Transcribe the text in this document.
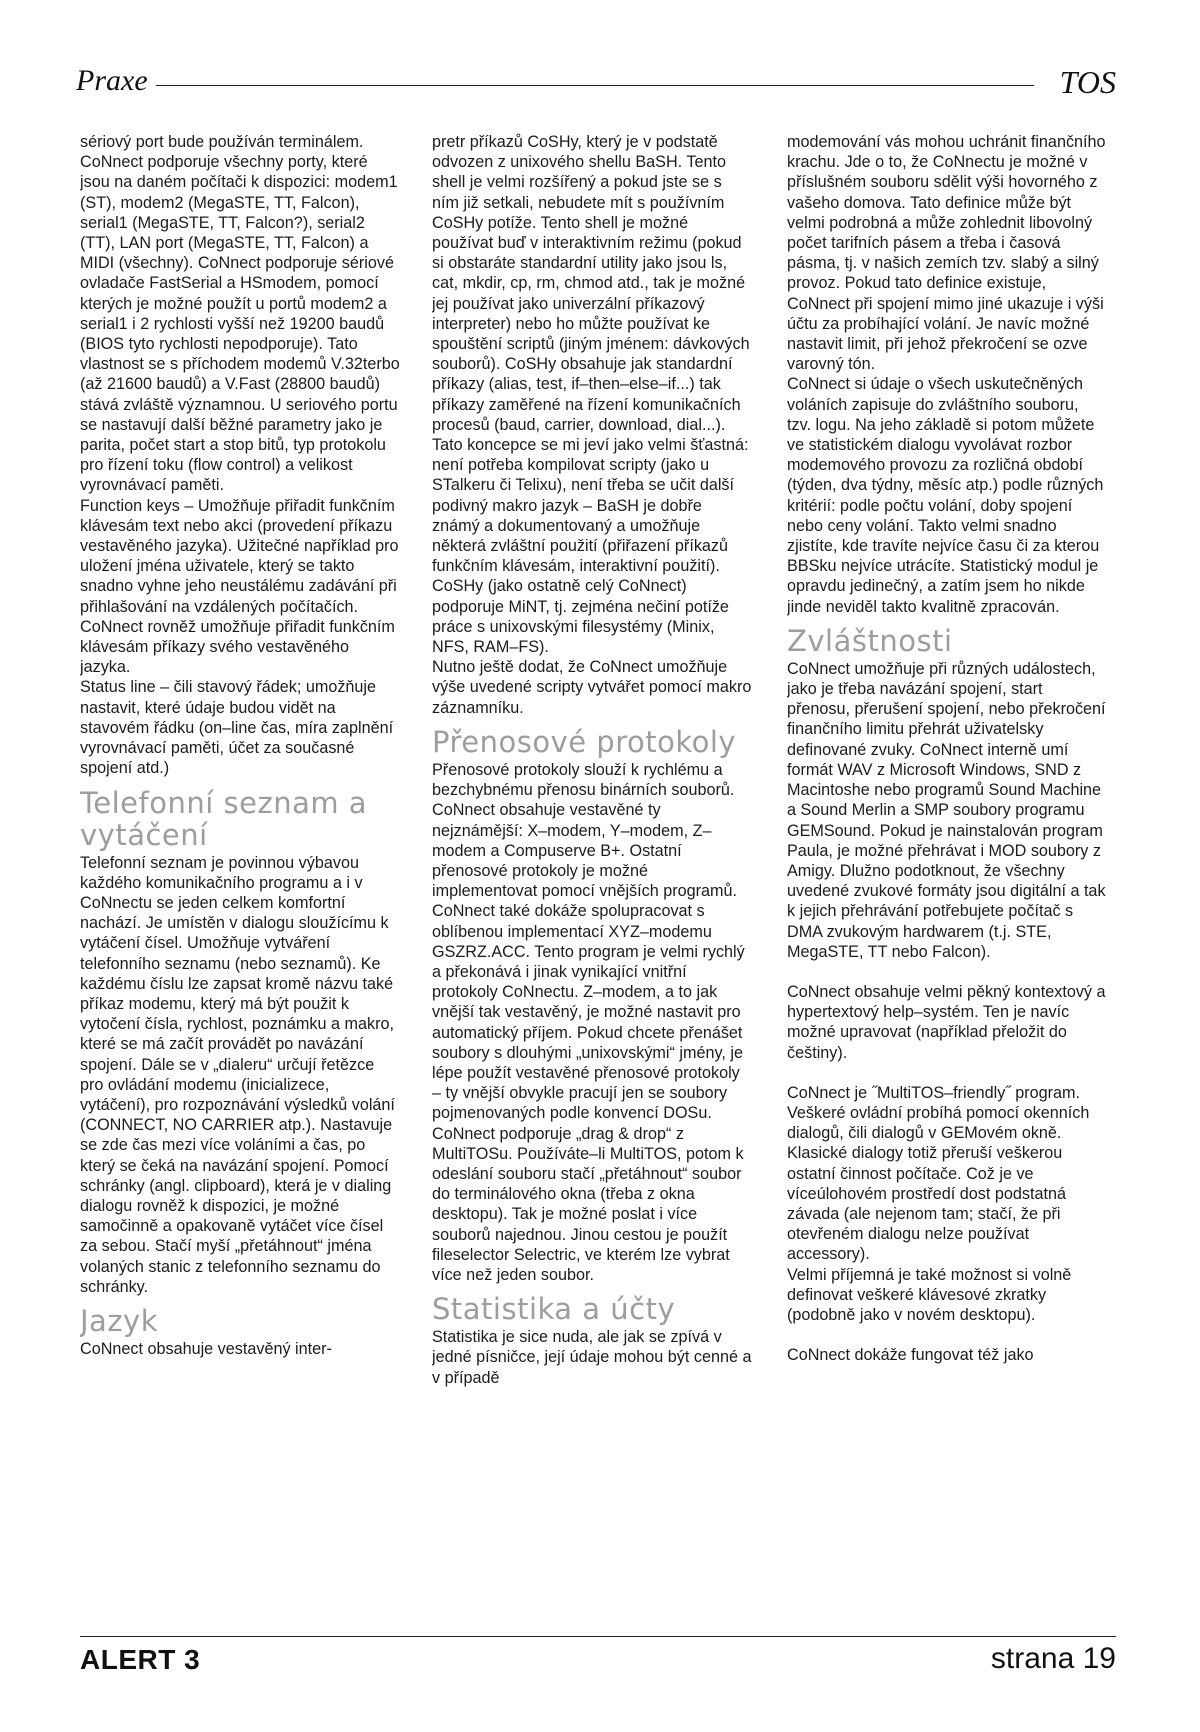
Praxe	TOS

sériový port bude používán terminálem. CoNnect podporuje všechny porty, které jsou na daném počítači k dispozici: modem1 (ST), modem2 (MegaSTE, TT, Falcon), serial1 (MegaSTE, TT, Falcon?), serial2 (TT), LAN port (MegaSTE, TT, Falcon) a MIDI (všechny). CoNnect podporuje sériové ovladače FastSerial a HSmodem, pomocí kterých je možné použít u portů modem2 a serial1 i 2 rychlosti vyšší než 19200 baudů (BIOS tyto rychlosti nepodporuje). Tato vlastnost se s příchodem modemů V.32terbo (až 21600 baudů) a V.Fast (28800 baudů) stává zvláště významnou. U seriového portu se nastavují další běžné parametry jako je parita, počet start a stop bitů, typ protokolu pro řízení toku (flow control) a velikost vyrovnávací paměti.

Function keys – Umožňuje přiřadit funkčním klávesám text nebo akci (provedení příkazu vestavěného jazyka). Užitečné například pro uložení jména uživatele, který se takto snadno vyhne jeho neustálému zadávání při přihlašování na vzdálených počítačích. CoNnect rovněž umožňuje přiřadit funkčním klávesám příkazy svého vestavěného jazyka.

Status line – čili stavový řádek; umožňuje nastavit, které údaje budou vidět na stavovém řádku (on–line čas, míra zaplnění vyrovnávací paměti, účet za současné spojení atd.)

Telefonní seznam a vytáčení

Telefonní seznam je povinnou výbavou každého komunikačního programu a i v CoNnectu se jeden celkem komfortní nachází. Je umístěn v dialogu sloužícímu k vytáčení čísel. Umožňuje vytváření telefonního seznamu (nebo seznamů). Ke každému číslu lze zapsat kromě názvu také příkaz modemu, který má být použit k vytočení čísla, rychlost, poznámku a makro, které se má začít provádět po navázání spojení. Dále se v „dialeru“ určují řetězce pro ovládání modemu (inicializece, vytáčení), pro rozpoznávání výsledků volání (CONNECT, NO CARRIER atp.). Nastavuje se zde čas mezi více voláními a čas, po který se čeká na navázání spojení. Pomocí schránky (angl. clipboard), která je v dialing dialogu rovněž k dispozici, je možné samočinně a opakovaně vytáčet více čísel za sebou. Stačí myší „přetáhnout“ jména volaných stanic z telefonního seznamu do schránky.

Jazyk

CoNnect obsahuje vestavěný inter-

pretr příkazů CoSHy, který je v podstatě odvozen z unixového shellu BaSH. Tento shell je velmi rozšířený a pokud jste se s ním již setkali, nebudete mít s používním CoSHy potíže. Tento shell je možné používat buď v interaktivním režimu (pokud si obstaráte standardní utility jako jsou ls, cat, mkdir, cp, rm, chmod atd., tak je možné jej používat jako univerzální příkazový interpreter) nebo ho můžte používat ke spouštění scriptů (jiným jménem: dávkových souborů). CoSHy obsahuje jak standardní příkazy (alias, test, if–then–else–if...) tak příkazy zaměřené na řízení komunikačních procesů (baud, carrier, download, dial...). Tato koncepce se mi jeví jako velmi šťastná: není potřeba kompilovat scripty (jako u STalkeru či Telixu), není třeba se učit další podivný makro jazyk – BaSH je dobře známý a dokumentovaný a umožňuje některá zvláštní použití (přiřazení příkazů funkčním klávesám, interaktivní použití). CoSHy (jako ostatně celý CoNnect) podporuje MiNT, tj. zejména nečiní potíže práce s unixovskými filesystémy (Minix, NFS, RAM–FS).

Nutno ještě dodat, že CoNnect umožňuje výše uvedené scripty vytvářet pomocí makro záznamníku.

Přenosové protokoly

Přenosové protokoly slouží k rychlému a bezchybnému přenosu binárních souborů. CoNnect obsahuje vestavěné ty nejznámější: X–modem, Y–modem, Z–modem a Compuserve B+. Ostatní přenosové protokoly je možné implementovat pomocí vnějších programů. CoNnect také dokáže spolupracovat s oblíbenou implementací XYZ–modemu GSZRZ.ACC. Tento program je velmi rychlý a překonává i jinak vynikající vnitřní protokoly CoNnectu. Z–modem, a to jak vnější tak vestavěný, je možné nastavit pro automatický příjem. Pokud chcete přenášet soubory s dlouhými „unixovskými“ jmény, je lépe použít vestavěné přenosové protokoly – ty vnější obvykle pracují jen se soubory pojmenovaných podle konvencí DOSu.

CoNnect podporuje „drag & drop“ z MultiTOSu. Používáte–li MultiTOS, potom k odeslání souboru stačí „přetáhnout“ soubor do terminálového okna (třeba z okna desktopu). Tak je možné poslat i více souborů najednou. Jinou cestou je použít fileselector Selectric, ve kterém lze vybrat více než jeden soubor.

Statistika a účty

Statistika je sice nuda, ale jak se zpívá v jedné písničce, její údaje mohou být cenné a v případě

modemování vás mohou uchránit finančního krachu. Jde o to, že CoNnectu je možné v příslušném souboru sdělit výši hovorného z vašeho domova. Tato definice může být velmi podrobná a může zohlednit libovolný počet tarifních pásem a třeba i časová pásma, tj. v našich zemích tzv. slabý a silný provoz. Pokud tato definice existuje, CoNnect při spojení mimo jiné ukazuje i výši účtu za probíhající volání. Je navíc možné nastavit limit, při jehož překročení se ozve varovný tón.

CoNnect si údaje o všech uskutečněných voláních zapisuje do zvláštního souboru, tzv. logu. Na jeho základě si potom můžete ve statistickém dialogu vyvolávat rozbor modemového provozu za rozličná období (týden, dva týdny, měsíc atp.) podle různých kritérií: podle počtu volání, doby spojení nebo ceny volání. Takto velmi snadno zjistíte, kde travíte nejvíce času či za kterou BBSku nejvíce utrácíte. Statistický modul je opravdu jedinečný, a zatím jsem ho nikde jinde neviděl takto kvalitně zpracován.

Zvláštnosti

CoNnect umožňuje při různých událostech, jako je třeba navázání spojení, start přenosu, přerušení spojení, nebo překročení finančního limitu přehrát uživatelsky definované zvuky. CoNnect interně umí formát WAV z Microsoft Windows, SND z Macintoshe nebo programů Sound Machine a Sound Merlin a SMP soubory programu GEMSound. Pokud je nainstalován program Paula, je možné přehrávat i MOD soubory z Amigy. Dlužno podotknout, že všechny uvedené zvukové formáty jsou digitální a tak k jejich přehrávání potřebujete počítač s DMA zvukovým hardwarem (t.j. STE, MegaSTE, TT nebo Falcon).

CoNnect obsahuje velmi pěkný kontextový a hypertextový help–systém. Ten je navíc možné upravovat (například přeložit do češtiny).

CoNnect je ˝MultiTOS–friendly˝ program. Veškeré ovládní probíhá pomocí okenních dialogů, čili dialogů v GEMovém okně. Klasické dialogy totiž přeruší veškerou ostatní činnost počítače. Což je ve víceúlohovém prostředí dost podstatná závada (ale nejenom tam; stačí, že při otevřeném dialogu nelze používat accessory).

Velmi příjemná je také možnost si volně definovat veškeré klávesové zkratky (podobně jako v novém desktopu).

CoNnect dokáže fungovat též jako

ALERT 3	strana 19
